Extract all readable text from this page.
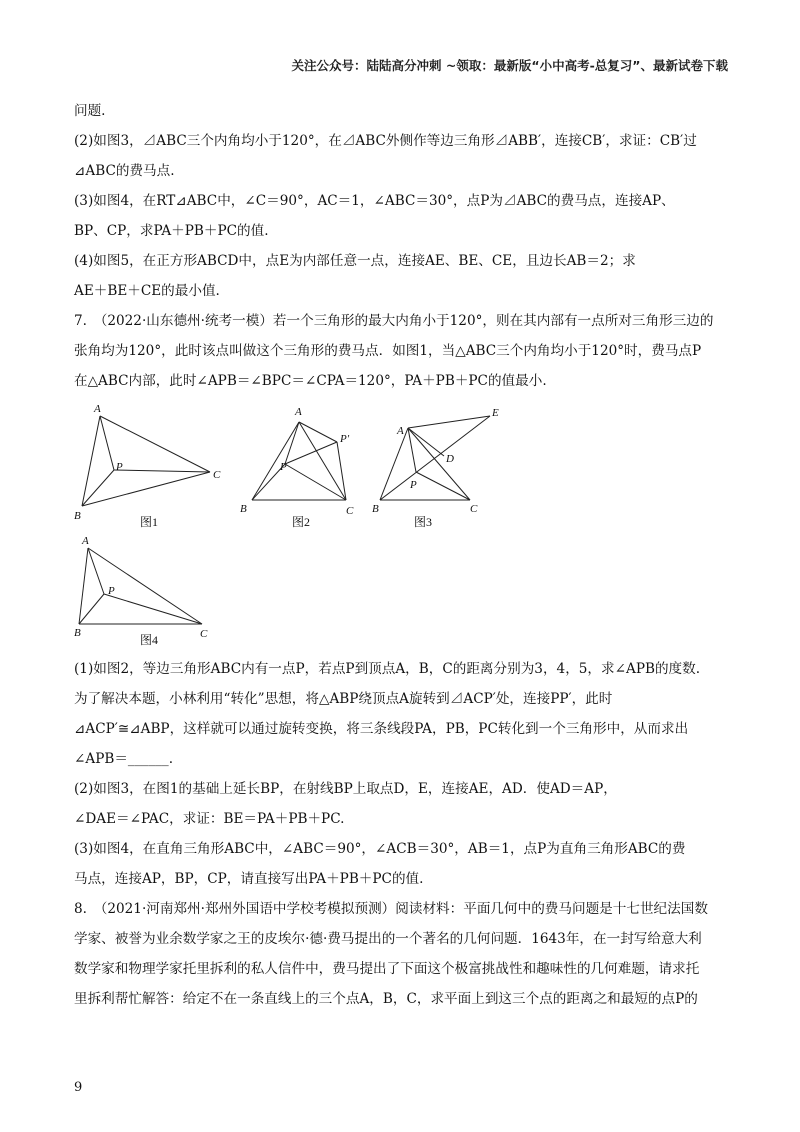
关注公众号：陆陆高分冲刺 ~领取：最新版“小中高考-总复习”、最新试卷下载
问题.
(2)如图3，⊿ABC三个内角均小于120°，在⊿ABC外侧作等边三角形⊿ABB′，连接CB′，求证：CB′过
⊿ABC的费马点.
(3)如图4，在RT⊿ABC中，∠C＝90°，AC＝1，∠ABC＝30°，点P为⊿ABC的费马点，连接AP、
BP、CP，求PA＋PB＋PC的值.
(4)如图5，在正方形ABCD中，点E为内部任意一点，连接AE、BE、CE，且边长AB＝2；求
AE＋BE＋CE的最小值.
7.　（2022·山东德州·统考一模）若一个三角形的最大内角小于120°，则在其内部有一点所对三角形三边的
张角均为120°，此时该点叫做这个三角形的费马点．如图1，当△ABC三个内角均小于120°时，费马点P
在△ABC内部，此时∠APB＝∠BPC＝∠CPA＝120°，PA＋PB＋PC的值最小.
A
B
C
P
A
B	C
P
P′
A
B	C
P
D
E
A
B	C
P
图1	图2	图3
图4
(1)如图2，等边三角形ABC内有一点P，若点P到顶点A，B，C的距离分别为3，4，5，求∠APB的度数.
为了解决本题，小林利用“转化”思想，将△ABP绕顶点A旋转到⊿ACP′处，连接PP′，此时
⊿ACP′≅⊿ABP，这样就可以通过旋转变换，将三条线段PA，PB，PC转化到一个三角形中，从而求出
∠APB＝______.
(2)如图3，在图1的基础上延长BP，在射线BP上取点D，E，连接AE，AD．使AD＝AP，
∠DAE＝∠PAC，求证：BE＝PA＋PB＋PC.
(3)如图4，在直角三角形ABC中，∠ABC＝90°，∠ACB＝30°，AB＝1，点P为直角三角形ABC的费
马点，连接AP，BP，CP，请直接写出PA＋PB＋PC的值.
8.　（2021·河南郑州·郑州外国语中学校考模拟预测）阅读材料：平面几何中的费马问题是十七世纪法国数
学家、被誉为业余数学家之王的皮埃尔·德·费马提出的一个著名的几何问题．1643年，在一封写给意大利
数学家和物理学家托里拆利的私人信件中，费马提出了下面这个极富挑战性和趣味性的几何难题，请求托
里拆利帮忙解答：给定不在一条直线上的三个点A，B，C，求平面上到这三个点的距离之和最短的点P的
9
